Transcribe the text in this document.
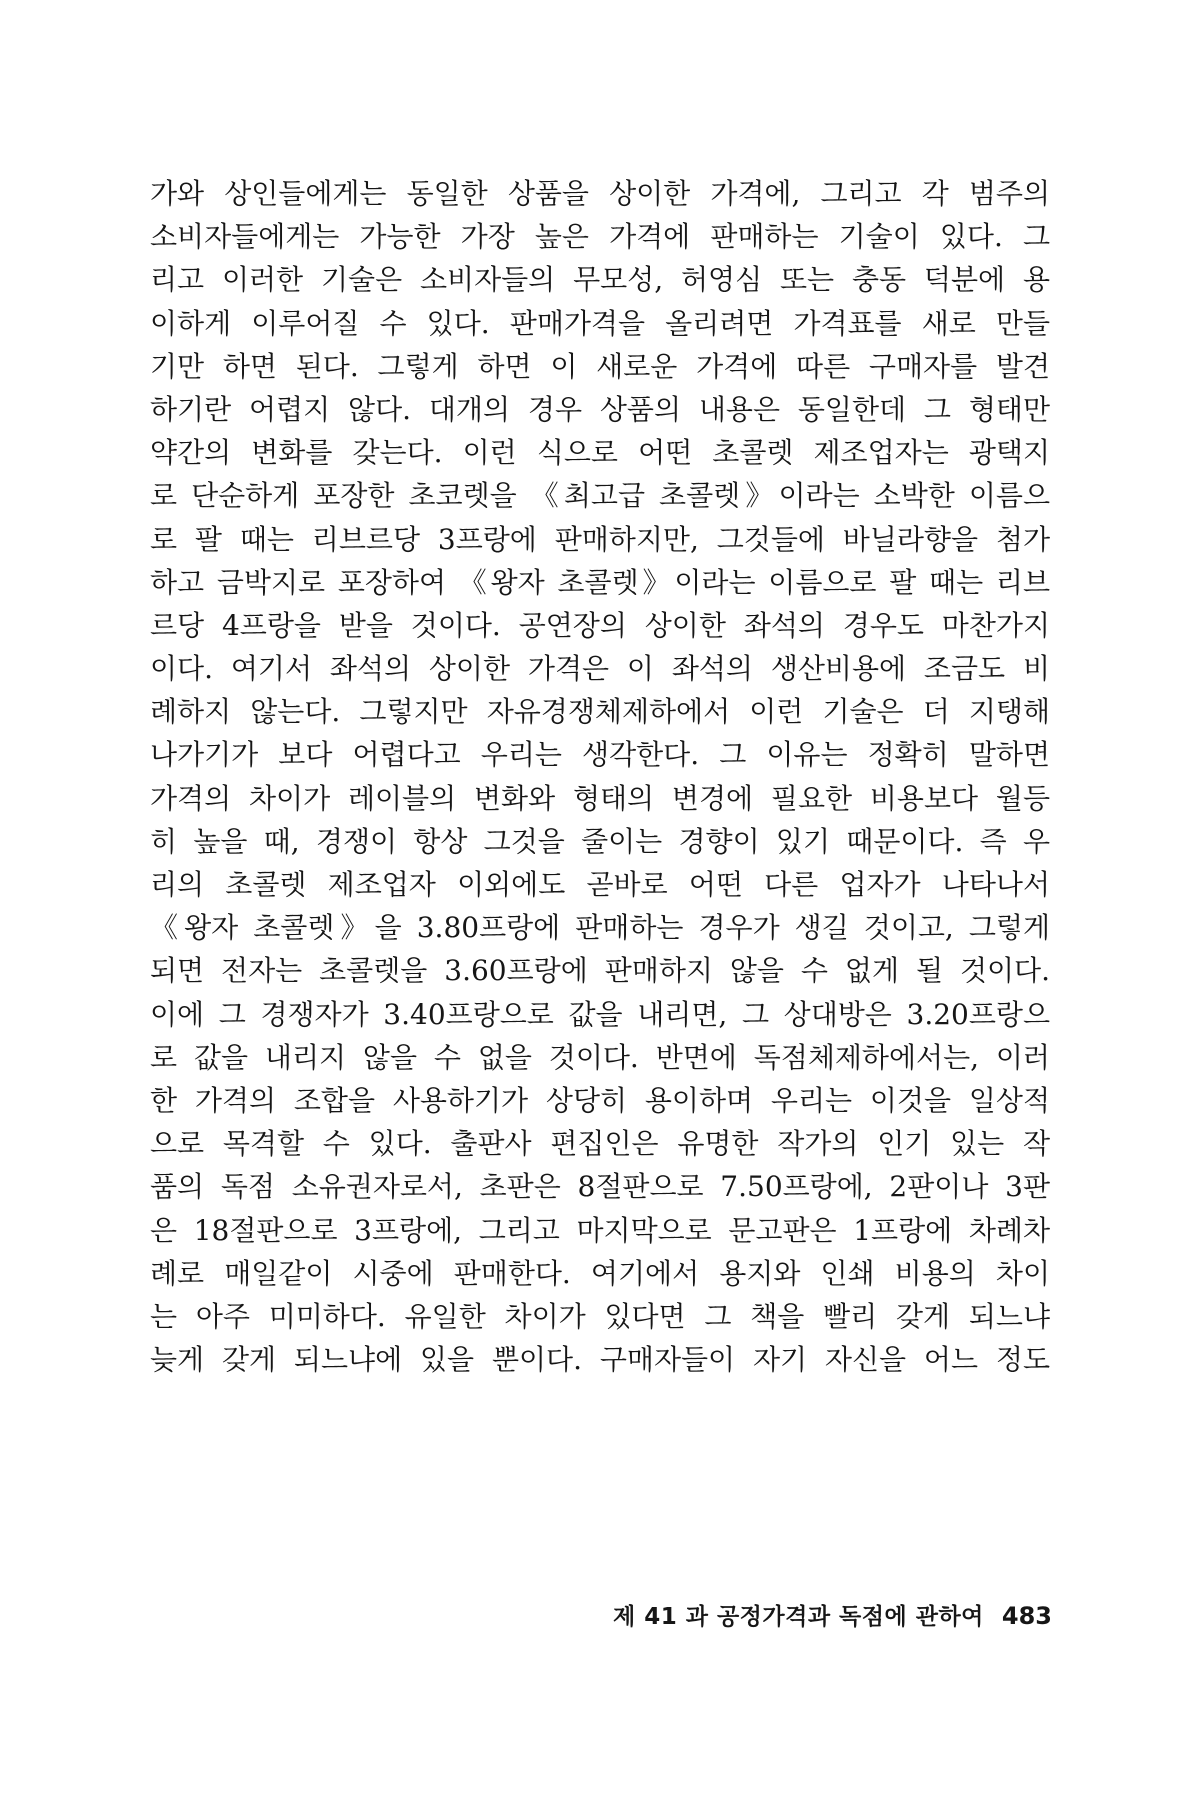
가와 상인들에게는 동일한 상품을 상이한 가격에, 그리고 각 범주의
소비자들에게는 가능한 가장 높은 가격에 판매하는 기술이 있다. 그
리고 이러한 기술은 소비자들의 무모성, 허영심 또는 충동 덕분에 용
이하게 이루어질 수 있다. 판매가격을 올리려면 가격표를 새로 만들
기만 하면 된다. 그렇게 하면 이 새로운 가격에 따른 구매자를 발견
하기란 어렵지 않다. 대개의 경우 상품의 내용은 동일한데 그 형태만
약간의 변화를 갖는다. 이런 식으로 어떤 초콜렛 제조업자는 광택지
로 단순하게 포장한 초코렛을 《최고급 초콜렛》이라는 소박한 이름으
로 팔 때는 리브르당 3프랑에 판매하지만, 그것들에 바닐라향을 첨가
하고 금박지로 포장하여 《왕자 초콜렛》이라는 이름으로 팔 때는 리브
르당 4프랑을 받을 것이다. 공연장의 상이한 좌석의 경우도 마찬가지
이다. 여기서 좌석의 상이한 가격은 이 좌석의 생산비용에 조금도 비
례하지 않는다. 그렇지만 자유경쟁체제하에서 이런 기술은 더 지탱해
나가기가 보다 어렵다고 우리는 생각한다. 그 이유는 정확히 말하면
가격의 차이가 레이블의 변화와 형태의 변경에 필요한 비용보다 월등
히 높을 때, 경쟁이 항상 그것을 줄이는 경향이 있기 때문이다. 즉 우
리의 초콜렛 제조업자 이외에도 곧바로 어떤 다른 업자가 나타나서
《왕자 초콜렛》을 3.80프랑에 판매하는 경우가 생길 것이고, 그렇게
되면 전자는 초콜렛을 3.60프랑에 판매하지 않을 수 없게 될 것이다.
이에 그 경쟁자가 3.40프랑으로 값을 내리면, 그 상대방은 3.20프랑으
로 값을 내리지 않을 수 없을 것이다. 반면에 독점체제하에서는, 이러
한 가격의 조합을 사용하기가 상당히 용이하며 우리는 이것을 일상적
으로 목격할 수 있다. 출판사 편집인은 유명한 작가의 인기 있는 작
품의 독점 소유권자로서, 초판은 8절판으로 7.50프랑에, 2판이나 3판
은 18절판으로 3프랑에, 그리고 마지막으로 문고판은 1프랑에 차례차
례로 매일같이 시중에 판매한다. 여기에서 용지와 인쇄 비용의 차이
는 아주 미미하다. 유일한 차이가 있다면 그 책을 빨리 갖게 되느냐
늦게 갖게 되느냐에 있을 뿐이다. 구매자들이 자기 자신을 어느 정도
제 41 과 공정가격과 독점에 관하여 483
